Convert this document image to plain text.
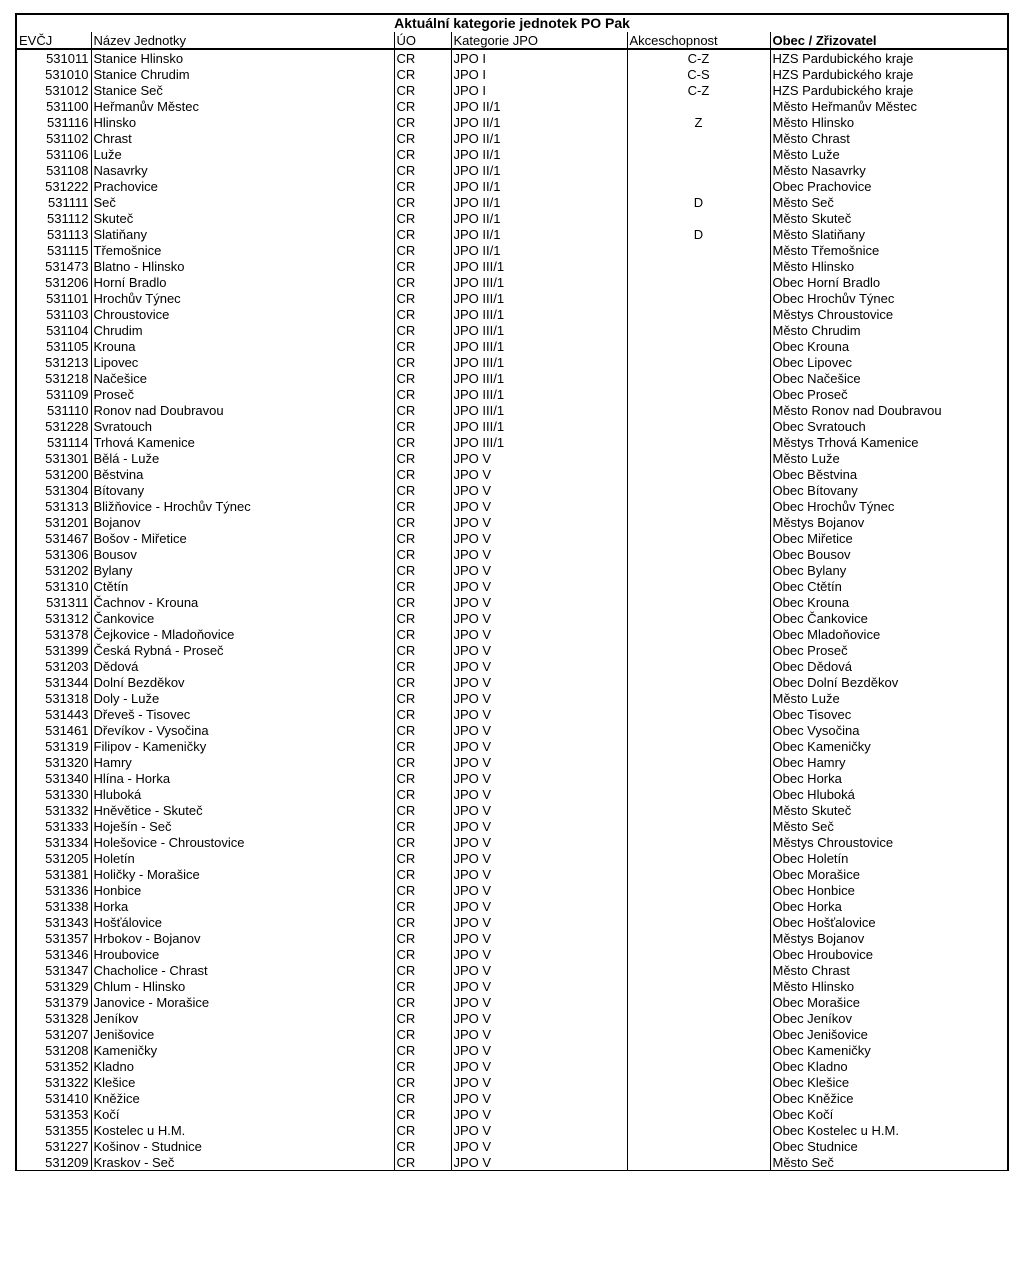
Aktuální kategorie jednotek PO Pak					
EVČJ	Název Jednotky	ÚO	Kategorie JPO	Akceschopnost	Obec / Zřizovatel
531011	Stanice Hlinsko	CR	JPO I	C-Z	HZS Pardubického kraje
531010	Stanice Chrudim	CR	JPO I	C-S	HZS Pardubického kraje
531012	Stanice Seč	CR	JPO I	C-Z	HZS Pardubického kraje
531100	Heřmanův Městec	CR	JPO II/1		Město Heřmanův Městec
531116	Hlinsko	CR	JPO II/1	Z	Město Hlinsko
531102	Chrast	CR	JPO II/1		Město Chrast
531106	Luže	CR	JPO II/1		Město Luže
531108	Nasavrky	CR	JPO II/1		Město Nasavrky
531222	Prachovice	CR	JPO II/1		Obec Prachovice
531111	Seč	CR	JPO II/1	D	Město Seč
531112	Skuteč	CR	JPO II/1		Město Skuteč
531113	Slatiňany	CR	JPO II/1	D	Město Slatiňany
531115	Třemošnice	CR	JPO II/1		Město Třemošnice
531473	Blatno - Hlinsko	CR	JPO III/1		Město Hlinsko
531206	Horní Bradlo	CR	JPO III/1		Obec Horní Bradlo
531101	Hrochův Týnec	CR	JPO III/1		Obec Hrochův Týnec
531103	Chroustovice	CR	JPO III/1		Městys Chroustovice
531104	Chrudim	CR	JPO III/1		Město Chrudim
531105	Krouna	CR	JPO III/1		Obec Krouna
531213	Lipovec	CR	JPO III/1		Obec Lipovec
531218	Načešice	CR	JPO III/1		Obec Načešice
531109	Proseč	CR	JPO III/1		Obec Proseč
531110	Ronov nad Doubravou	CR	JPO III/1		Město Ronov nad Doubravou
531228	Svratouch	CR	JPO III/1		Obec Svratouch
531114	Trhová Kamenice	CR	JPO III/1		Městys Trhová Kamenice
531301	Bělá - Luže	CR	JPO V		Město Luže
531200	Běstvina	CR	JPO V		Obec Běstvina
531304	Bítovany	CR	JPO V		Obec Bítovany
531313	Bližňovice - Hrochův Týnec	CR	JPO V		Obec Hrochův Týnec
531201	Bojanov	CR	JPO V		Městys Bojanov
531467	Bošov - Miřetice	CR	JPO V		Obec Miřetice
531306	Bousov	CR	JPO V		Obec Bousov
531202	Bylany	CR	JPO V		Obec Bylany
531310	Ctětín	CR	JPO V		Obec Ctětín
531311	Čachnov - Krouna	CR	JPO V		Obec Krouna
531312	Čankovice	CR	JPO V		Obec Čankovice
531378	Čejkovice - Mladoňovice	CR	JPO V		Obec Mladoňovice
531399	Česká Rybná - Proseč	CR	JPO V		Obec Proseč
531203	Dědová	CR	JPO V		Obec Dědová
531344	Dolní Bezděkov	CR	JPO V		Obec Dolní Bezděkov
531318	Doly - Luže	CR	JPO V		Město Luže
531443	Dřeveš - Tisovec	CR	JPO V		Obec Tisovec
531461	Dřevíkov - Vysočina	CR	JPO V		Obec Vysočina
531319	Filipov - Kameničky	CR	JPO V		Obec Kameničky
531320	Hamry	CR	JPO V		Obec Hamry
531340	Hlína - Horka	CR	JPO V		Obec Horka
531330	Hluboká	CR	JPO V		Obec Hluboká
531332	Hněvětice - Skuteč	CR	JPO V		Město Skuteč
531333	Hoješín - Seč	CR	JPO V		Město Seč
531334	Holešovice - Chroustovice	CR	JPO V		Městys Chroustovice
531205	Holetín	CR	JPO V		Obec Holetín
531381	Holičky - Morašice	CR	JPO V		Obec Morašice
531336	Honbice	CR	JPO V		Obec Honbice
531338	Horka	CR	JPO V		Obec Horka
531343	Hošťálovice	CR	JPO V		Obec Hošťalovice
531357	Hrbokov - Bojanov	CR	JPO V		Městys Bojanov
531346	Hroubovice	CR	JPO V		Obec Hroubovice
531347	Chacholice - Chrast	CR	JPO V		Město Chrast
531329	Chlum - Hlinsko	CR	JPO V		Město Hlinsko
531379	Janovice - Morašice	CR	JPO V		Obec Morašice
531328	Jeníkov	CR	JPO V		Obec Jeníkov
531207	Jenišovice	CR	JPO V		Obec Jenišovice
531208	Kameničky	CR	JPO V		Obec Kameničky
531352	Kladno	CR	JPO V		Obec Kladno
531322	Klešice	CR	JPO V		Obec Klešice
531410	Kněžice	CR	JPO V		Obec Kněžice
531353	Kočí	CR	JPO V		Obec Kočí
531355	Kostelec u H.M.	CR	JPO V		Obec Kostelec u H.M.
531227	Košinov - Studnice	CR	JPO V		Obec Studnice
531209	Kraskov - Seč	CR	JPO V		Město Seč
